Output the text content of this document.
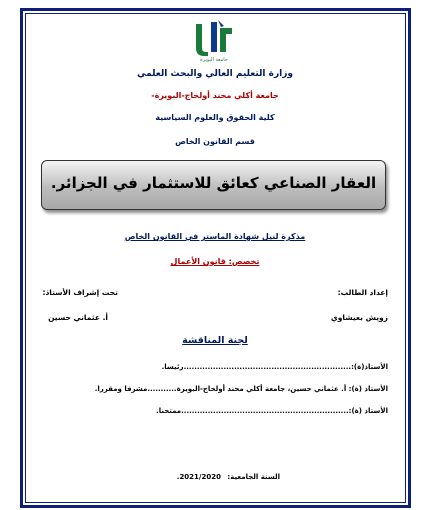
جامعة البويرة
وزارة التعليم العالي والبحث العلمي
جامعة أكلي محند أولحاج-البويرة-
كلية الحقوق والعلوم السياسية
قسم القانون الخاص
العقار الصناعي كعائق للاستثمار في الجزائر.
مذكرة لنيل شهادة الماستر في القانون الخاص
تخصص: قانون الأعمال
إعداد الطالب:
تحت إشراف الأستاذ:
زويش بعيشاوي
أ. عثماني حسين
لجنة المناقشة
الأستاذ(ة):...............................................................رئيسا.
الأستاذ (ة): أ. عثماني حسين، جامعة أكلي محند أولحاج-البويرة...........مشرفا ومقررا.
الأستاذ (ة):...............................................................ممتحنا.
السنة الجامعية: 2021/2020.
